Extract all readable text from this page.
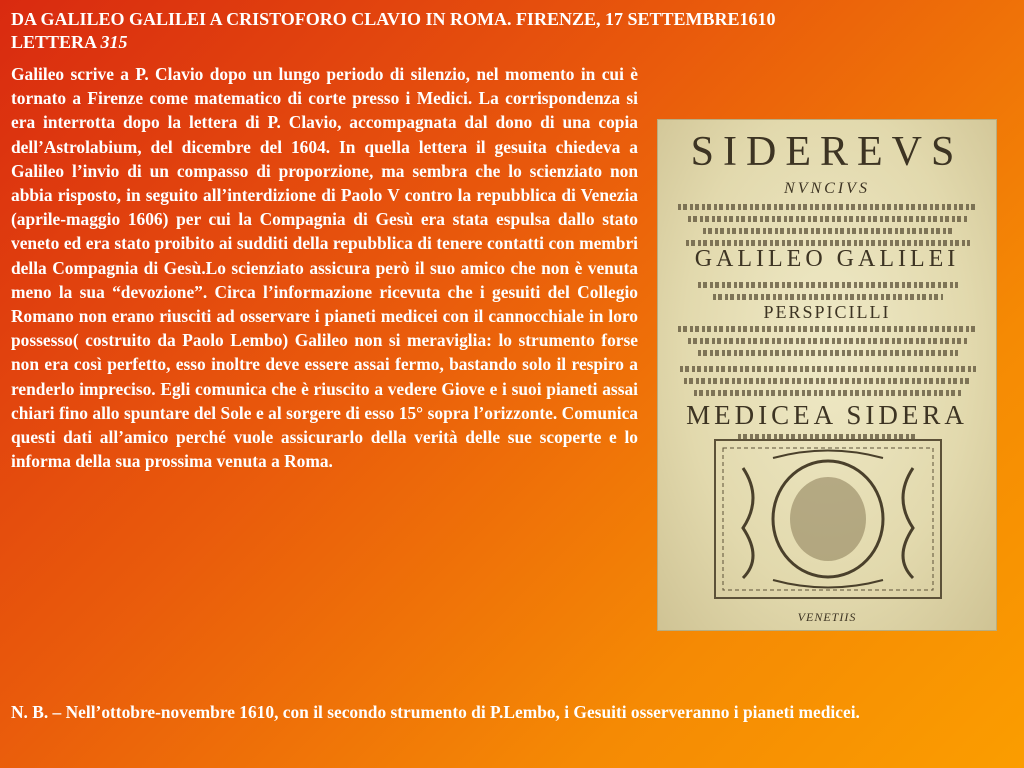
DA GALILEO GALILEI A CRISTOFORO CLAVIO IN ROMA. FIRENZE, 17 SETTEMBRE1610
LETTERA 315

Galileo scrive a P. Clavio dopo un lungo periodo di silenzio, nel momento in cui è tornato a Firenze come matematico di corte presso i Medici. La corrispondenza si era interrotta dopo la lettera di P. Clavio, accompagnata dal dono di una copia dell’Astrolabium, del dicembre del 1604. In quella lettera il gesuita chiedeva a Galileo l’invio di un compasso di proporzione, ma sembra che lo scienziato non abbia risposto, in seguito all’interdizione di Paolo V contro la repubblica di Venezia (aprile-maggio 1606) per cui la Compagnia di Gesù era stata espulsa dallo stato veneto ed era stato proibito ai sudditi della repubblica di tenere contatti con membri della Compagnia di Gesù.Lo scienziato assicura però il suo amico che non è venuta meno la sua “devozione”. Circa l’informazione ricevuta che i gesuiti del Collegio Romano non erano riusciti ad osservare i pianeti medicei con il cannocchiale in loro possesso( costruito da Paolo Lembo) Galileo non si meraviglia: lo strumento forse non era così perfetto, esso inoltre deve essere assai fermo, bastando solo il respiro a renderlo impreciso. Egli comunica che è riuscito a vedere Giove e i suoi pianeti assai chiari fino allo spuntare del Sole e al sorgere di esso 15° sopra l’orizzonte. Comunica questi dati all’amico perché vuole assicurarlo della verità delle sue scoperte e lo informa della sua prossima venuta a Roma.

SIDEREVS
NVNCIVS
GALILEO GALILEI
PERSPICILLI
MEDICEA SIDERA
VENETIIS

N. B. – Nell’ottobre-novembre 1610, con il secondo strumento di P.Lembo, i Gesuiti osserveranno i pianeti medicei.
